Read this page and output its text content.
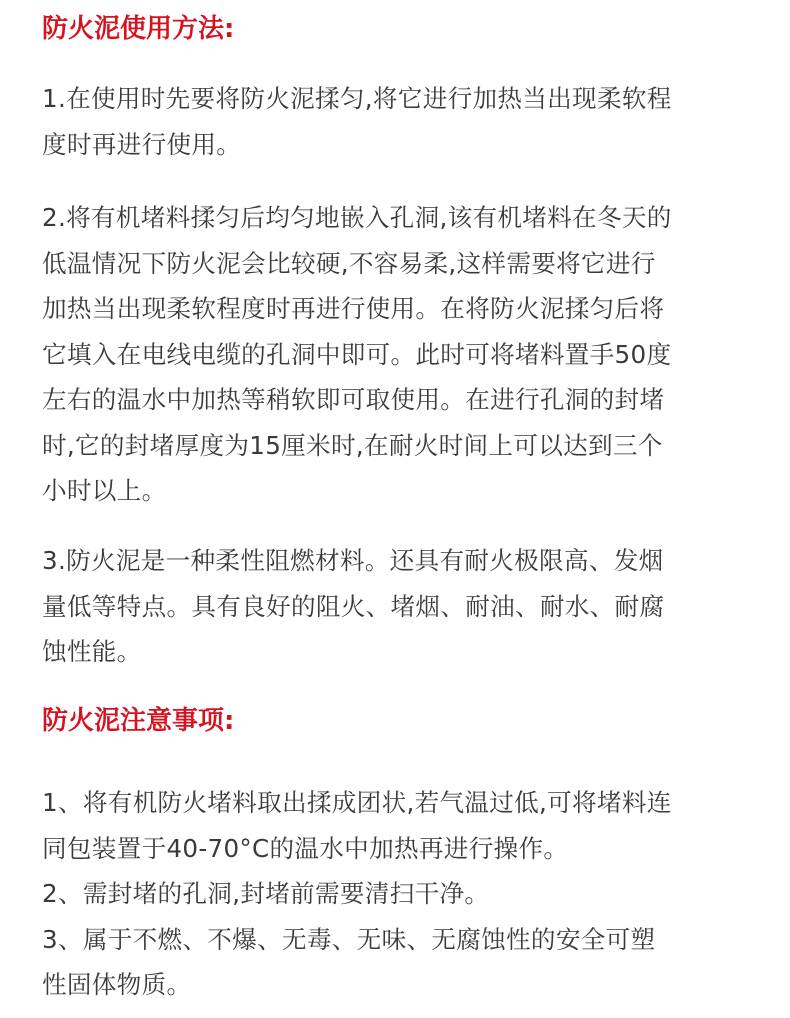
防火泥使用方法:
1.在使用时先要将防火泥揉匀,将它进行加热当出现柔软程
度时再进行使用。
2.将有机堵料揉匀后均匀地嵌入孔洞,该有机堵料在冬天的
低温情况下防火泥会比较硬,不容易柔,这样需要将它进行
加热当出现柔软程度时再进行使用。在将防火泥揉匀后将
它填入在电线电缆的孔洞中即可。此时可将堵料置手50度
左右的温水中加热等稍软即可取使用。在进行孔洞的封堵
时,它的封堵厚度为15厘米时,在耐火时间上可以达到三个
小时以上。
3.防火泥是一种柔性阻燃材料。还具有耐火极限高、发烟
量低等特点。具有良好的阻火、堵烟、耐油、耐水、耐腐
蚀性能。
防火泥注意事项:
1、将有机防火堵料取出揉成团状,若气温过低,可将堵料连
同包装置于40-70°C的温水中加热再进行操作。
2、需封堵的孔洞,封堵前需要清扫干净。
3、属于不燃、不爆、无毒、无味、无腐蚀性的安全可塑
性固体物质。
